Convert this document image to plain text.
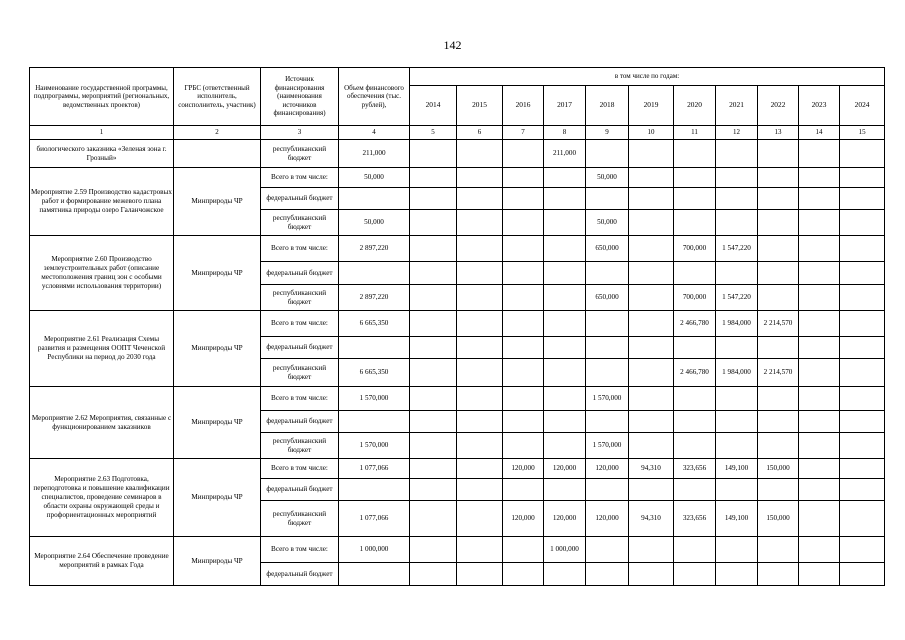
142
Наименование государственной программы, подпрограммы, мероприятий (региональных, ведомственных проектов)	ГРБС (ответственный исполнитель, соисполнитель, участник)	Источник финансирования (наименования источников финансирования)	Объем финансового обеспечения (тыс. рублей),	в том числе по годам:										
				2014	2015	2016	2017	2018	2019	2020	2021	2022	2023	2024
1	2	3	4	5	6	7	8	9	10	11	12	13	14	15
биологического заказника «Зеленая зона г. Грозный»		республиканский бюджет	211,000				211,000							
Мероприятие 2.59 Производство кадастровых работ и формирование межевого плана памятника природы озеро Галанчожское	Минприроды ЧР	Всего в том числе:	50,000					50,000						
		федеральный бюджет												
		республиканский бюджет	50,000					50,000						
Мероприятие 2.60 Производство землеустроительных работ (описание местоположения границ зон с особыми условиями использования территории)	Минприроды ЧР	Всего в том числе:	2 897,220					650,000		700,000	1 547,220			
		федеральный бюджет												
		республиканский бюджет	2 897,220					650,000		700,000	1 547,220			
Мероприятие 2.61 Реализация Схемы развития и размещения ООПТ Чеченской Республики на период до 2030 года	Минприроды ЧР	Всего в том числе:	6 665,350							2 466,780	1 984,000	2 214,570		
		федеральный бюджет												
		республиканский бюджет	6 665,350							2 466,780	1 984,000	2 214,570		
Мероприятие 2.62 Мероприятия, связанные с функционированием заказников	Минприроды ЧР	Всего в том числе:	1 570,000					1 570,000						
		федеральный бюджет												
		республиканский бюджет	1 570,000					1 570,000						
Мероприятие 2.63 Подготовка, переподготовка и повышение квалификации специалистов, проведение семинаров в области охраны окружающей среды и профориентационных мероприятий	Минприроды ЧР	Всего в том числе:	1 077,066			120,000	120,000	120,000	94,310	323,656	149,100	150,000		
		федеральный бюджет												
		республиканский бюджет	1 077,066			120,000	120,000	120,000	94,310	323,656	149,100	150,000		
Мероприятие 2.64 Обеспечение проведение мероприятий в рамках Года	Минприроды ЧР	Всего в том числе:	1 000,000				1 000,000							
		федеральный бюджет												
